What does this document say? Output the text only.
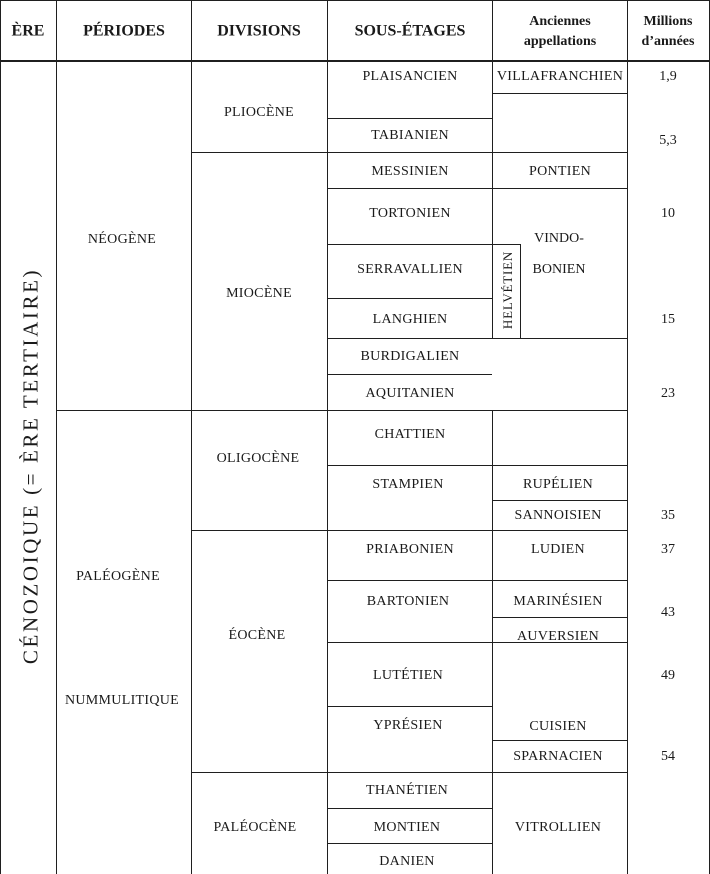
ÈRE PÉRIODES	DIVISIONS	SOUS-ÉTAGES
Anciennes
appellations
Millions
d’années
CÉNOZOIQUE (= ÈRE TERTIAIRE)
NÉOGÈNE
PALÉOGÈNE
NUMMULITIQUE
PLIOCÈNE
MIOCÈNE
OLIGOCÈNE
ÉOCÈNE
PALÉOCÈNE
PLAISANCIEN
TABIANIEN
MESSINIEN
TORTONIEN
SERRAVALLIEN
LANGHIEN
BURDIGALIEN
AQUITANIEN
CHATTIEN
STAMPIEN
PRIABONIEN
BARTONIEN
LUTÉTIEN
YPRÉSIEN
THANÉTIEN
MONTIEN
DANIEN
VILLAFRANCHIEN
PONTIEN
VINDO-
BONIEN
HELVÉTIEN
RUPÉLIEN
SANNOISIEN
LUDIEN
MARINÉSIEN
AUVERSIEN
CUISIEN
SPARNACIEN
VITROLLIEN
1,9
5,3
10
15
23
35
37
43
49
54
